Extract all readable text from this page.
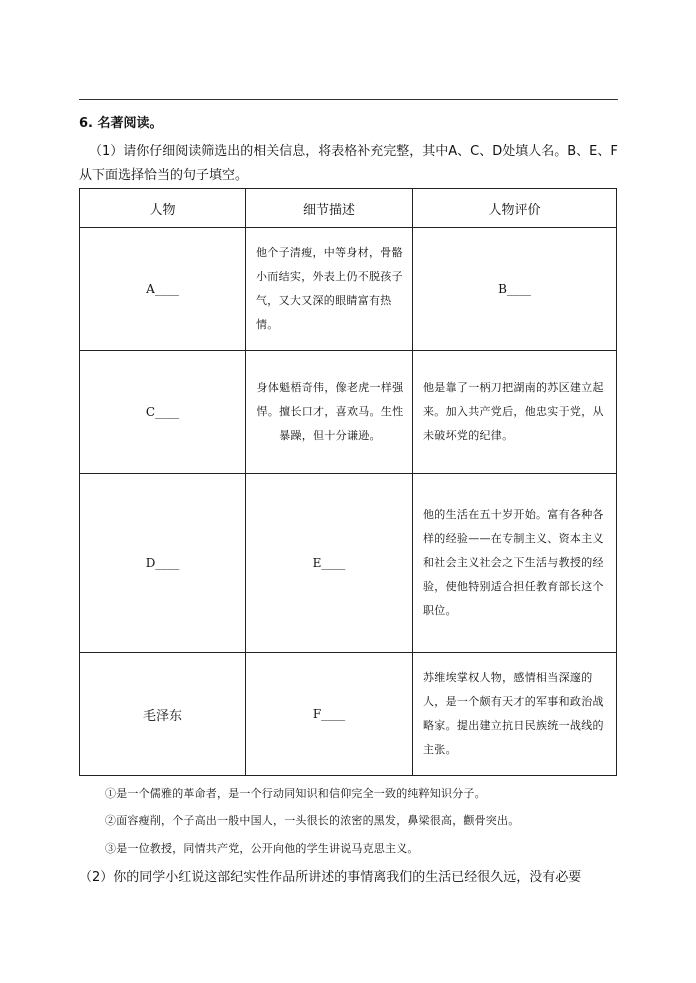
6. 名著阅读。
（1）请你仔细阅读筛选出的相关信息，将表格补充完整，其中A、C、D处填人名。B、E、F从下面选择恰当的句子填空。
人物	细节描述	人物评价
A____	他个子清瘦，中等身材，骨骼小而结实，外表上仍不脱孩子气，又大又深的眼睛富有热情。	B____
C____	身体魁梧奇伟，像老虎一样强悍。擅长口才，喜欢马。生性暴躁，但十分谦逊。	他是靠了一柄刀把湖南的苏区建立起来。加入共产党后，他忠实于党，从未破坏党的纪律。

D____	E____	他的生活在五十岁开始。富有各种各样的经验——在专制主义、资本主义和社会主义社会之下生活与教授的经验，使他特别适合担任教育部长这个职位。

毛泽东	F____	苏维埃掌权人物，感情相当深邃的人，是一个颇有天才的军事和政治战略家。提出建立抗日民族统一战线的主张。
①是一个儒雅的革命者，是一个行动同知识和信仰完全一致的纯粹知识分子。
②面容瘦削，个子高出一般中国人，一头很长的浓密的黑发，鼻梁很高，颧骨突出。
③是一位教授，同情共产党，公开向他的学生讲说马克思主义。
（2）你的同学小红说这部纪实性作品所讲述的事情离我们的生活已经很久远，没有必要
